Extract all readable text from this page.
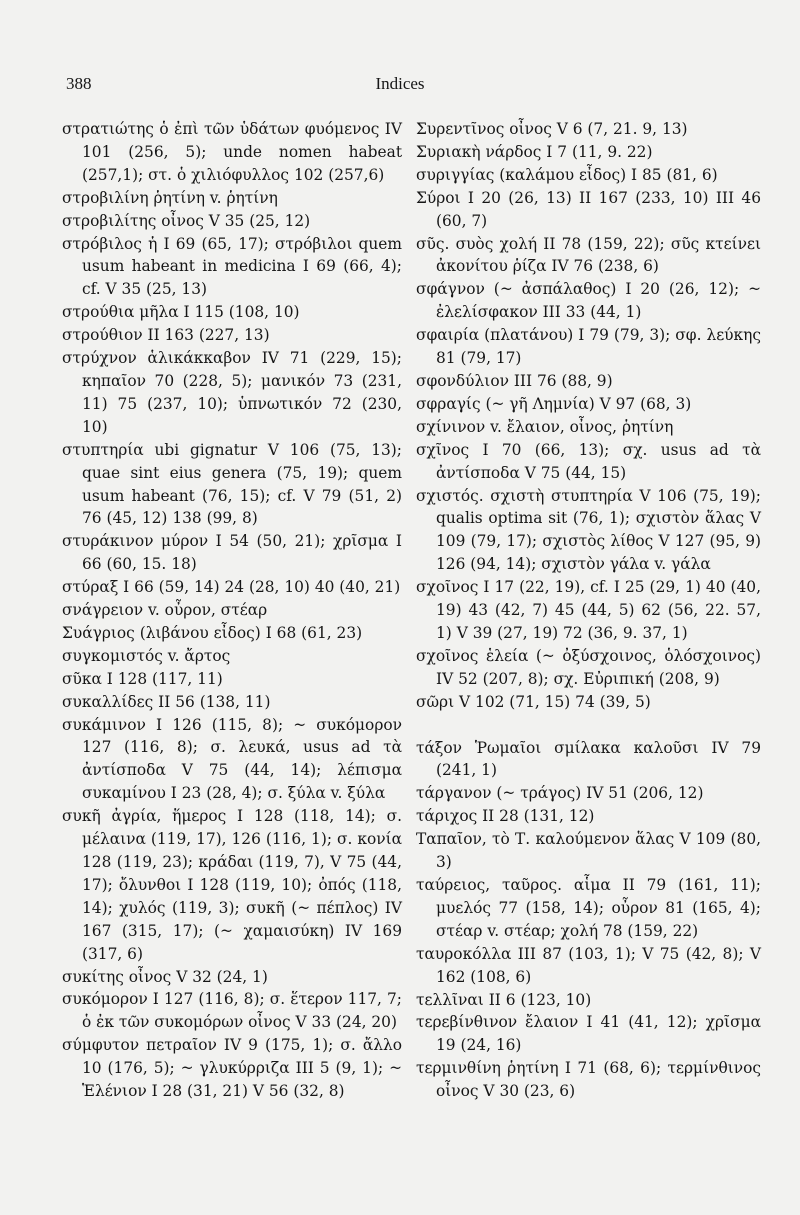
388	Indices

στρατιώτης ὁ ἐπὶ τῶν ὑδάτων φυόμενος IV 101 (256, 5); unde nomen habeat (257,1); στ. ὁ χιλιόφυλλος 102 (257,6)

στροβιλίνη ῥητίνη v. ῥητίνη

στροβιλίτης οἶνος V 35 (25, 12)

στρόβιλος ἡ I 69 (65, 17); στρόβιλοι quem usum habeant in medicina I 69 (66, 4); cf. V 35 (25, 13)

στρούθια μῆλα I 115 (108, 10)

στρούθιον II 163 (227, 13)

στρύχνον ἁλικάκκαβον IV 71 (229, 15); κηπαῖον 70 (228, 5); μανικόν 73 (231, 11) 75 (237, 10); ὑπνωτικόν 72 (230, 10)

στυπτηρία ubi gignatur V 106 (75, 13); quae sint eius genera (75, 19); quem usum habeant (76, 15); cf. V 79 (51, 2) 76 (45, 12) 138 (99, 8)

στυράκινον μύρον I 54 (50, 21); χρῖσμα I 66 (60, 15. 18)

στύραξ I 66 (59, 14) 24 (28, 10) 40 (40, 21)

σνάγρειον v. οὖρον, στέαρ

Συάγριος (λιβάνου εἶδος) I 68 (61, 23)

συγκομιστός v. ἄρτος

σῦκα I 128 (117, 11)

συκαλλίδες II 56 (138, 11)

συκάμινον I 126 (115, 8); ~ συκόμορον 127 (116, 8); σ. λευκά, usus ad τὰ ἀντίσποδα V 75 (44, 14); λέπισμα συκαμίνου I 23 (28, 4); σ. ξύλα v. ξύλα

συκῆ ἀγρία, ἥμερος I 128 (118, 14); σ. μέλαινα (119, 17), 126 (116, 1); σ. κονία 128 (119, 23); κράδαι (119, 7), V 75 (44, 17); ὄλυνθοι I 128 (119, 10); ὀπός (118, 14); χυλός (119, 3); συκῆ (~ πέπλος) IV 167 (315, 17); (~ χαμαισύκη) IV 169 (317, 6)

συκίτης οἶνος V 32 (24, 1)

συκόμορον I 127 (116, 8); σ. ἕτερον 117, 7; ὁ ἐκ τῶν συκομόρων οἶνος V 33 (24, 20)

σύμφυτον πετραῖον IV 9 (175, 1); σ. ἄλλο 10 (176, 5); ~ γλυκύρριζα III 5 (9, 1); ~ Ἑλένιον I 28 (31, 21) V 56 (32, 8)

Συρεντῖνος οἶνος V 6 (7, 21. 9, 13)

Συριακὴ νάρδος I 7 (11, 9. 22)

συριγγίας (καλάμου εἶδος) I 85 (81, 6)

Σύροι I 20 (26, 13) II 167 (233, 10) III 46 (60, 7)

σῦς. συὸς χολή II 78 (159, 22); σῦς κτείνει ἀκονίτου ῥίζα IV 76 (238, 6)

σφάγνον (~ ἀσπάλαθος) I 20 (26, 12); ~ ἐλελίσφακον III 33 (44, 1)

σφαιρία (πλατάνου) I 79 (79, 3); σφ. λεύκης 81 (79, 17)

σφονδύλιον III 76 (88, 9)

σφραγίς (~ γῆ Λημνία) V 97 (68, 3)

σχίνινον v. ἔλαιον, οἶνος, ῥητίνη

σχῖνος I 70 (66, 13); σχ. usus ad τὰ ἀντίσποδα V 75 (44, 15)

σχιστός. σχιστὴ στυπτηρία V 106 (75, 19); qualis optima sit (76, 1); σχιστὸν ἅλας V 109 (79, 17); σχιστὸς λίθος V 127 (95, 9) 126 (94, 14); σχιστὸν γάλα v. γάλα

σχοῖνος I 17 (22, 19), cf. I 25 (29, 1) 40 (40, 19) 43 (42, 7) 45 (44, 5) 62 (56, 22. 57, 1) V 39 (27, 19) 72 (36, 9. 37, 1)

σχοῖνος ἑλεία (~ ὀξύσχοινος, ὁλόσχοινος) IV 52 (207, 8); σχ. Εὐριπική (208, 9)

σῶρι V 102 (71, 15) 74 (39, 5)

τάξον Ῥωμαῖοι σμίλακα καλοῦσι IV 79 (241, 1)

τάργανον (~ τράγος) IV 51 (206, 12)

τάριχος II 28 (131, 12)

Ταπαῖον, τὸ Τ. καλούμενον ἅλας V 109 (80, 3)

ταύρειος, ταῦρος. αἷμα II 79 (161, 11); μυελός 77 (158, 14); οὖρον 81 (165, 4); στέαρ v. στέαρ; χολή 78 (159, 22)

ταυροκόλλα III 87 (103, 1); V 75 (42, 8); V 162 (108, 6)

τελλῖναι II 6 (123, 10)

τερεβίνθινον ἔλαιον I 41 (41, 12); χρῖσμα 19 (24, 16)

τερμινθίνη ῥητίνη I 71 (68, 6); τερμίνθινος οἶνος V 30 (23, 6)
